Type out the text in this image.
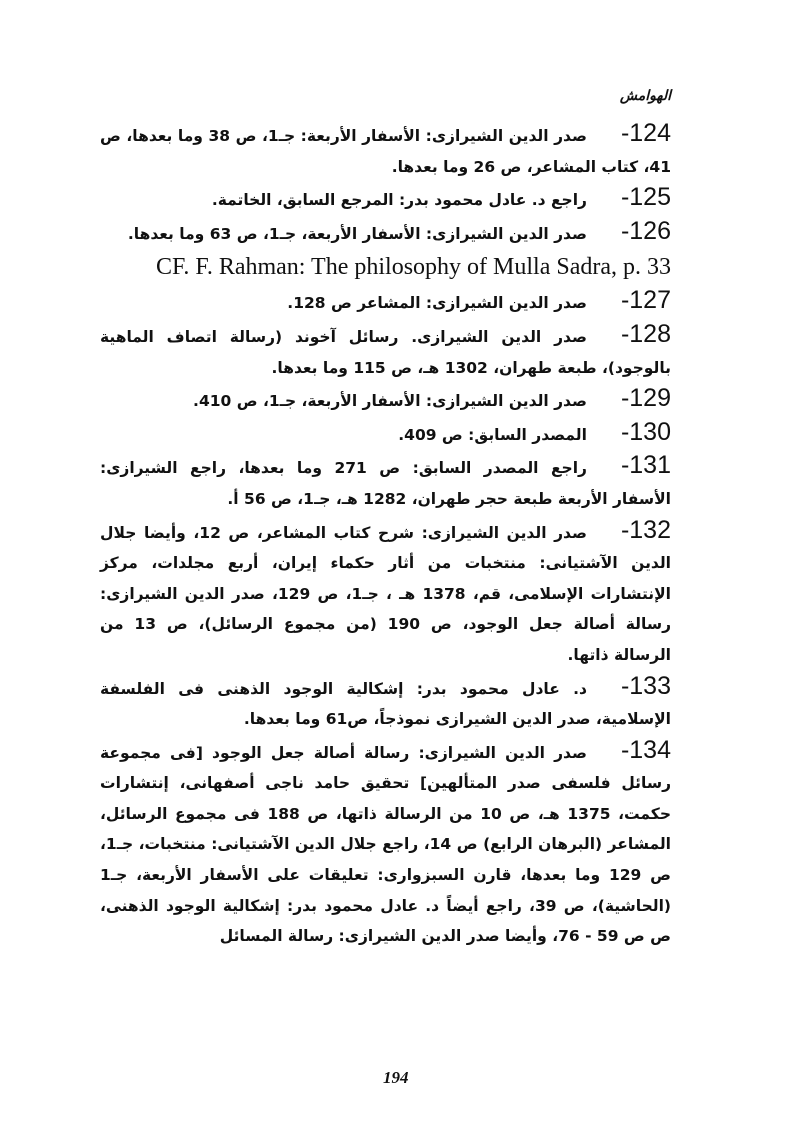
الهوامش

124-صدر الدين الشيرازى: الأسفار الأربعة: جـ1، ص 38 وما بعدها، ص 41، كتاب المشاعر، ص 26 وما بعدها.

125-راجع د. عادل محمود بدر: المرجع السابق، الخاتمة.

126-صدر الدين الشيرازى: الأسفار الأربعة، جـ1، ص 63 وما بعدها.

CF. F. Rahman: The philosophy of Mulla Sadra, p. 33

127-صدر الدين الشيرازى: المشاعر ص 128.

128-صدر الدين الشيرازى. رسائل آخوند (رسالة اتصاف الماهية بالوجود)، طبعة طهران، 1302 هـ، ص 115 وما بعدها.

129-صدر الدين الشيرازى: الأسفار الأربعة، جـ1، ص 410.

130-المصدر السابق: ص 409.

131-راجع المصدر السابق: ص 271 وما بعدها، راجع الشيرازى: الأسفار الأربعة طبعة حجر طهران، 1282 هـ، جـ1، ص 56 أ.

132-صدر الدين الشيرازى: شرح كتاب المشاعر، ص 12، وأيضا جلال الدين الآشتيانى: منتخبات من أثار حكماء إيران، أربع مجلدات، مركز الإنتشارات الإسلامى، قم، 1378 هـ ، جـ1، ص 129، صدر الدين الشيرازى: رسالة أصالة جعل الوجود، ص 190 (من مجموع الرسائل)، ص 13 من الرسالة ذاتها.

133-د. عادل محمود بدر: إشكالية الوجود الذهنى فى الفلسفة الإسلامية، صدر الدين الشيرازى نموذجاً، ص61 وما بعدها.

134-صدر الدين الشيرازى: رسالة أصالة جعل الوجود [فى مجموعة رسائل فلسفى صدر المتألهين] تحقيق حامد ناجى أصفهانى، إنتشارات حكمت، 1375 هـ، ص 10 من الرسالة ذاتها، ص 188 فى مجموع الرسائل، المشاعر (البرهان الرابع) ص 14، راجع جلال الدين الآشتيانى: منتخبات، جـ1، ص 129 وما بعدها، قارن السبزوارى: تعليقات على الأسفار الأربعة، جـ1 (الحاشية)، ص 39، راجع أيضاً د. عادل محمود بدر: إشكالية الوجود الذهنى، ص ص 59 - 76، وأيضا صدر الدين الشيرازى: رسالة المسائل

194
